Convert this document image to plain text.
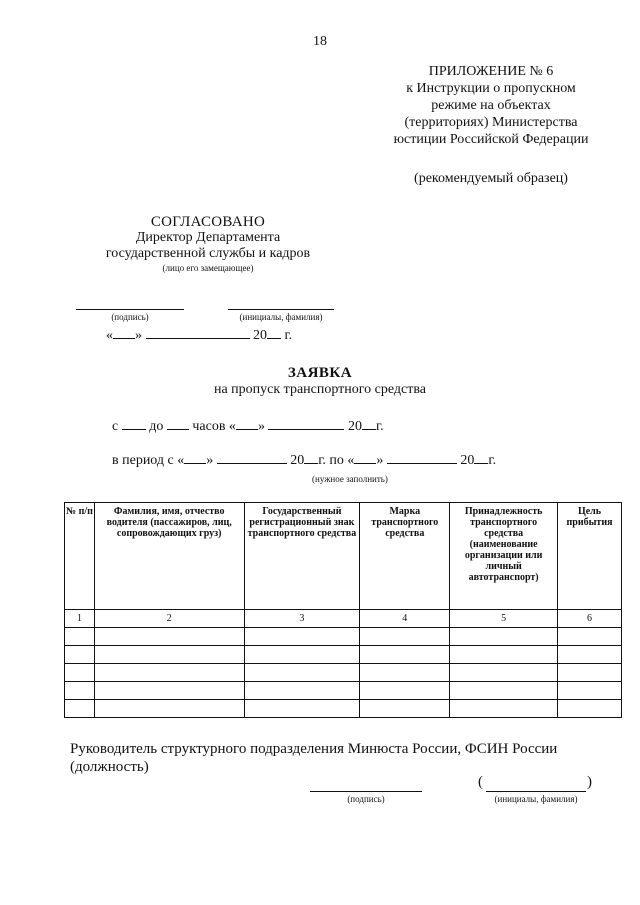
18
ПРИЛОЖЕНИЕ № 6
к Инструкции о пропускном
режиме на объектах
(территориях) Министерства
юстиции Российской Федерации
(рекомендуемый образец)
СОГЛАСОВАНО
Директор Департамента
государственной службы и кадров
(лицо его замещающее)
(подпись)	(инициалы, фамилия)
« »	20 г.
ЗАЯВКА
на пропуск транспортного средства
с до часов « »	20 г.
в период с « »	20 г. по « »	20 г.
(нужное заполнить)
№ п/п	Фамилия, имя, отчество водителя (пассажиров, лиц, сопровождающих груз)	Государственный регистрационный знак транспортного средства	Марка транспортного средства	Принадлежность транспортного средства (наименование организации или личный автотранспорт)	Цель прибытия
1	2	3	4	5	6

Руководитель структурного подразделения Минюста России, ФСИН России
(должность)
(подпись)
(	)
(инициалы, фамилия)
